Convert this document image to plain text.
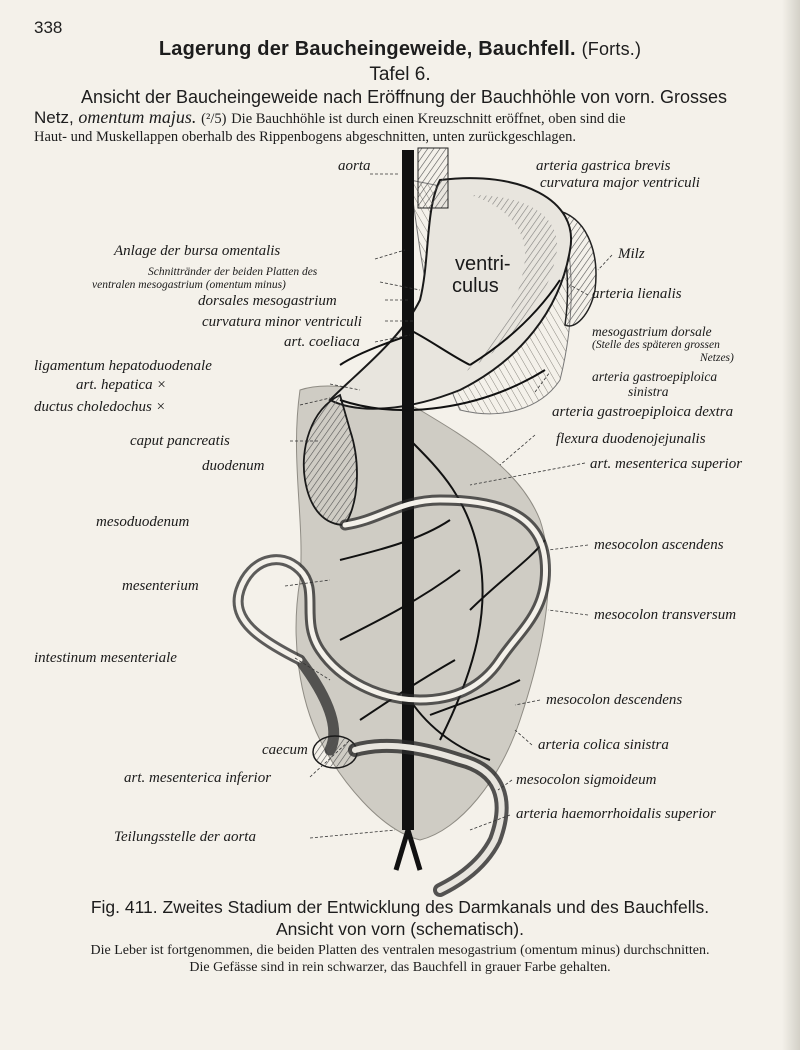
338
Lagerung der Baucheingeweide, Bauchfell. (Forts.)
Tafel 6.
Ansicht der Baucheingeweide nach Eröffnung der Bauchhöhle von vorn. Grosses
Netz, omentum majus. (²/5) Die Bauchhöhle ist durch einen Kreuzschnitt eröffnet, oben sind die
Haut- und Muskellappen oberhalb des Rippenbogens abgeschnitten, unten zurückgeschlagen.
ventri-
culus
aorta
Anlage der bursa omentalis
Schnittränder der beiden Platten des
ventralen mesogastrium (omentum minus)
dorsales mesogastrium
curvatura minor ventriculi
art. coeliaca
ligamentum hepatoduodenale
art. hepatica ×
ductus choledochus ×
caput pancreatis
duodenum
mesoduodenum
mesenterium
intestinum mesenteriale
caecum
art. mesenterica inferior
Teilungsstelle der aorta
arteria gastrica brevis
curvatura major ventriculi
Milz
arteria lienalis
mesogastrium dorsale
(Stelle des späteren grossen
Netzes)
arteria gastroepiploica
sinistra
arteria gastroepiploica dextra
flexura duodenojejunalis
art. mesenterica superior
mesocolon ascendens
mesocolon transversum
mesocolon descendens
arteria colica sinistra
mesocolon sigmoideum
arteria haemorrhoidalis superior
Fig. 411. Zweites Stadium der Entwicklung des Darmkanals und des Bauchfells.
Ansicht von vorn (schematisch).
Die Leber ist fortgenommen, die beiden Platten des ventralen mesogastrium (omentum minus) durchschnitten.
Die Gefässe sind in rein schwarzer, das Bauchfell in grauer Farbe gehalten.
